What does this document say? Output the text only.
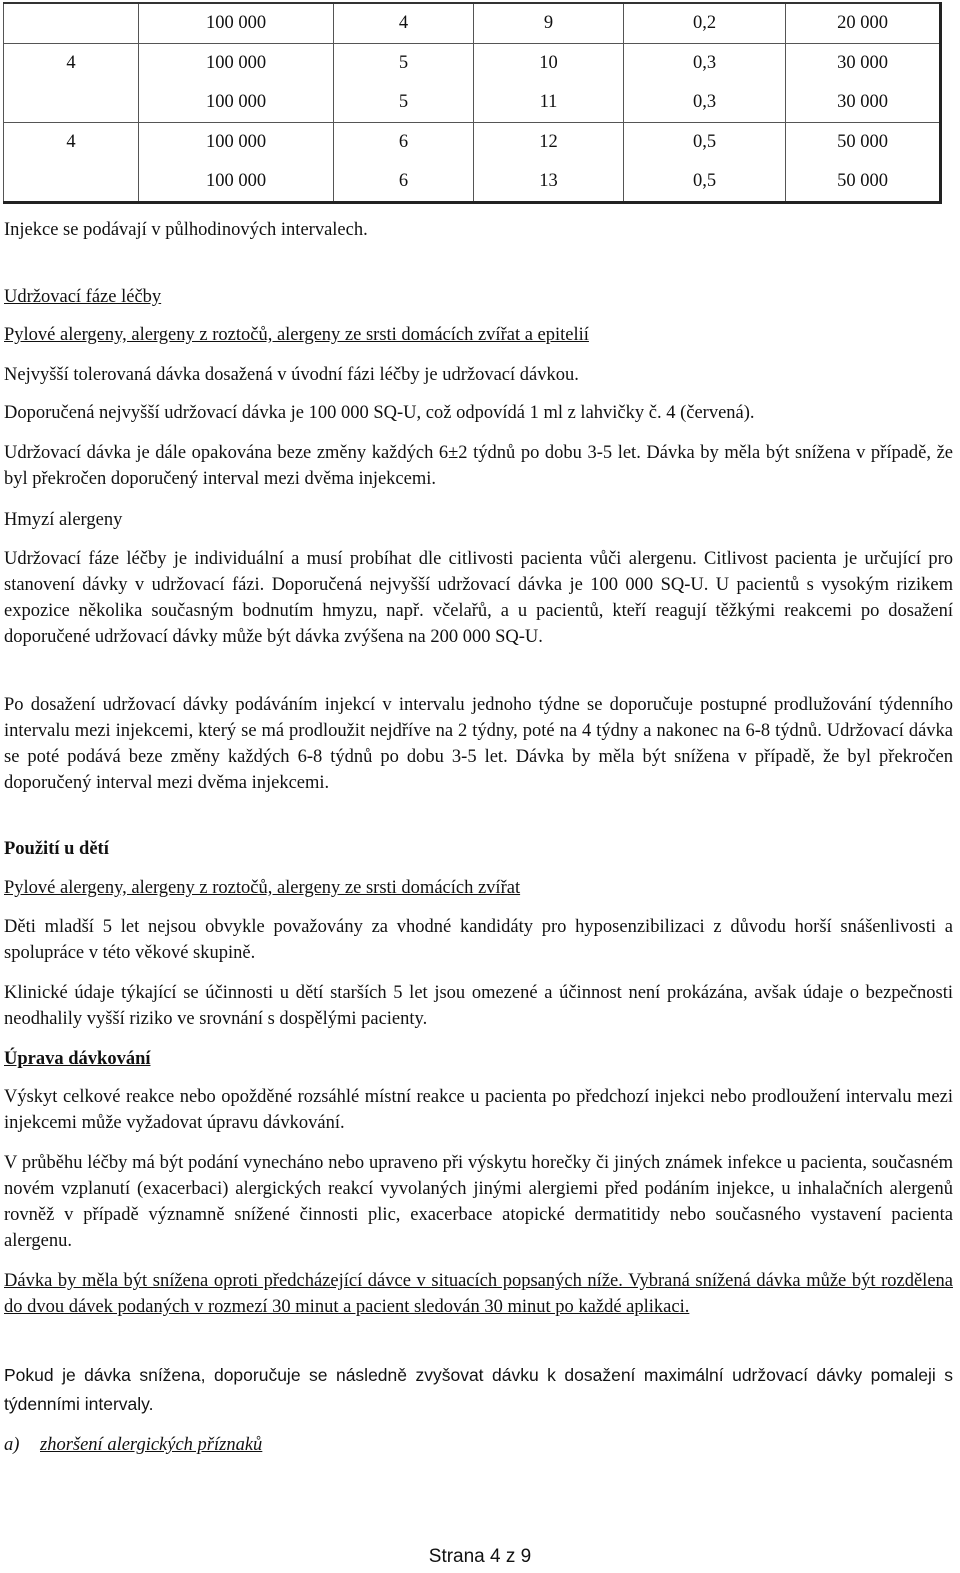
	100 000	4	9	0,2	20 000
4	100 000	5	10	0,3	30 000
	100 000	5	11	0,3	30 000
4	100 000	6	12	0,5	50 000
	100 000	6	13	0,5	50 000

Injekce se podávají v půlhodinových intervalech.

Udržovací fáze léčby

Pylové alergeny, alergeny z roztočů, alergeny ze srsti domácích zvířat a epitelií

Nejvyšší tolerovaná dávka dosažená v úvodní fázi léčby je udržovací dávkou.

Doporučená nejvyšší udržovací dávka je 100 000 SQ-U, což odpovídá 1 ml z lahvičky č. 4 (červená).

Udržovací dávka je dále opakována beze změny každých 6±2 týdnů po dobu 3-5 let. Dávka by měla být snížena v případě, že byl překročen doporučený interval mezi dvěma injekcemi.

Hmyzí alergeny

Udržovací fáze léčby je individuální a musí probíhat dle citlivosti pacienta vůči alergenu. Citlivost pacienta je určující pro stanovení dávky v udržovací fázi. Doporučená nejvyšší udržovací dávka je 100 000 SQ-U. U pacientů s vysokým rizikem expozice několika současným bodnutím hmyzu, např. včelařů, a u pacientů, kteří reagují těžkými reakcemi po dosažení doporučené udržovací dávky může být dávka zvýšena na 200 000 SQ-U.

Po dosažení udržovací dávky podáváním injekcí v intervalu jednoho týdne se doporučuje postupné prodlužování týdenního intervalu mezi injekcemi, který se má prodloužit nejdříve na 2 týdny, poté na 4 týdny a nakonec na 6-8 týdnů. Udržovací dávka se poté podává beze změny každých 6-8 týdnů po dobu 3-5 let. Dávka by měla být snížena v případě, že byl překročen doporučený interval mezi dvěma injekcemi.

Použití u dětí

Pylové alergeny, alergeny z roztočů, alergeny ze srsti domácích zvířat

Děti mladší 5 let nejsou obvykle považovány za vhodné kandidáty pro hyposenzibilizaci z důvodu horší snášenlivosti a spolupráce v této věkové skupině.

Klinické údaje týkající se účinnosti u dětí starších 5 let jsou omezené a účinnost není prokázána, avšak údaje o bezpečnosti neodhalily vyšší riziko ve srovnání s dospělými pacienty.

Úprava dávkování

Výskyt celkové reakce nebo opožděné rozsáhlé místní reakce u pacienta po předchozí injekci nebo prodloužení intervalu mezi injekcemi může vyžadovat úpravu dávkování.

V průběhu léčby má být podání vynecháno nebo upraveno při výskytu horečky či jiných známek infekce u pacienta, současném novém vzplanutí (exacerbaci) alergických reakcí vyvolaných jinými alergiemi před podáním injekce, u inhalačních alergenů rovněž v případě významně snížené činnosti plic, exacerbace atopické dermatitidy nebo současného vystavení pacienta alergenu.

Dávka by měla být snížena oproti předcházející dávce v situacích popsaných níže. Vybraná snížená dávka může být rozdělena do dvou dávek podaných v rozmezí 30 minut a pacient sledován 30 minut po každé aplikaci.

Pokud je dávka snížena, doporučuje se následně zvyšovat dávku k dosažení maximální udržovací dávky pomaleji s týdenními intervaly.

a) zhoršení alergických příznaků
Strana 4 z 9
